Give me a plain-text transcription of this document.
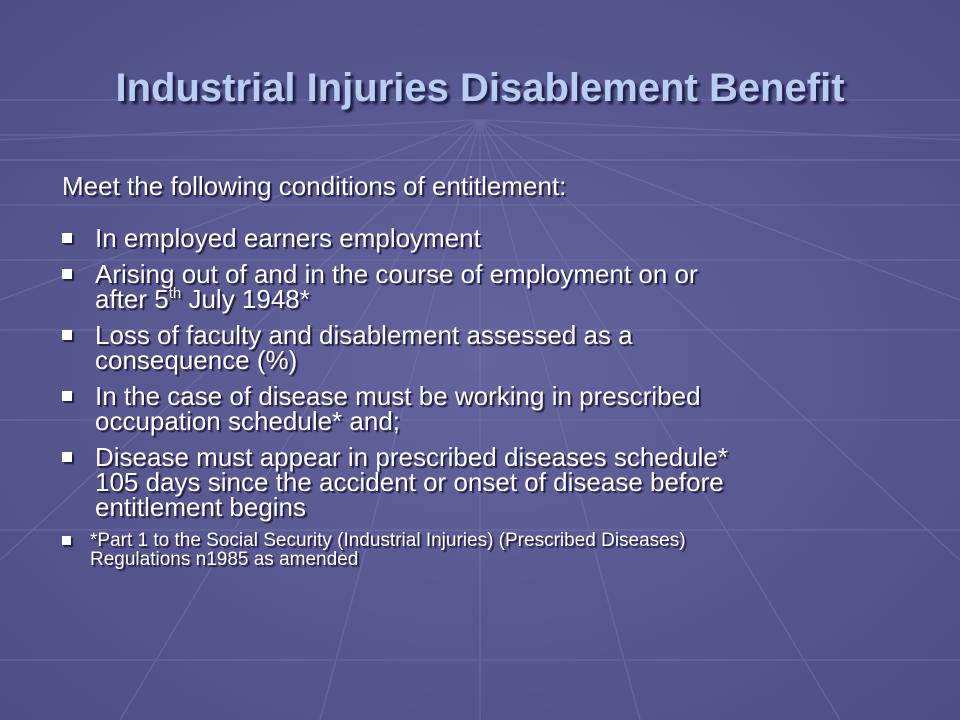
Industrial Injuries Disablement Benefit
Meet the following conditions of entitlement:
In employed earners employment
Arising out of and in the course of employment on or
after 5th July 1948*
Loss of faculty and disablement assessed as a
consequence (%)
In the case of disease must be working in prescribed
occupation schedule* and;
Disease must appear in prescribed diseases schedule*
105 days since the accident or onset of disease before
entitlement begins
*Part 1 to the Social Security (Industrial Injuries) (Prescribed Diseases)
Regulations n1985 as amended
